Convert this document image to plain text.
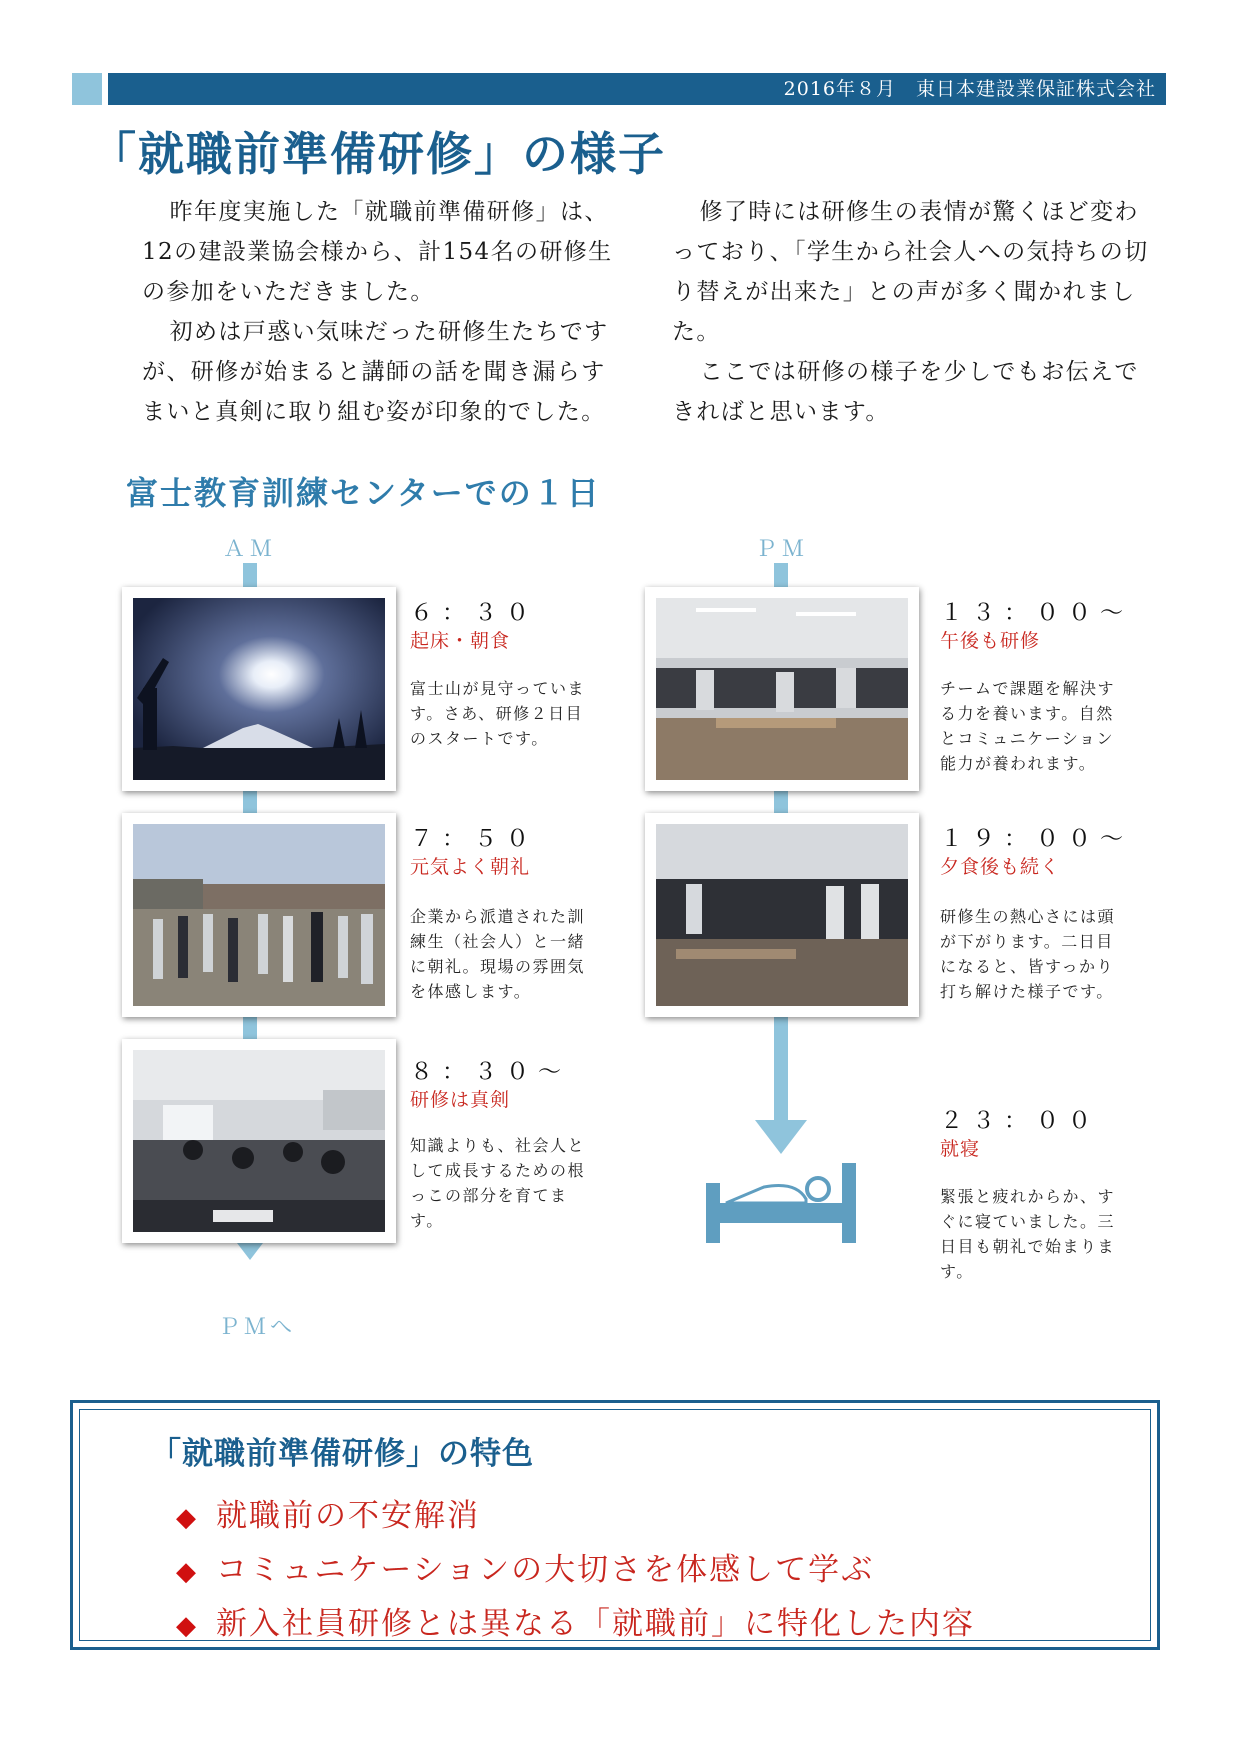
2016年８月　東日本建設業保証株式会社
「就職前準備研修」の様子

昨年度実施した「就職前準備研修」は、12の建設業協会様から、計154名の研修生の参加をいただきました。

初めは戸惑い気味だった研修生たちですが、研修が始まると講師の話を聞き漏らすまいと真剣に取り組む姿が印象的でした。

修了時には研修生の表情が驚くほど変わっており、「学生から社会人への気持ちの切り替えが出来た」との声が多く聞かれました。

ここでは研修の様子を少しでもお伝えできればと思います。

富士教育訓練センターでの１日
ＡＭ	ＰＭ
ＰＭへ
６：３０
起床・朝食
富士山が見守っています。さあ、研修２日目のスタートです。
７：５０
元気よく朝礼
企業から派遣された訓練生（社会人）と一緒に朝礼。現場の雰囲気を体感します。
８：３０～
研修は真剣
知識よりも、社会人として成長するための根っこの部分を育てます。
１３：００～
午後も研修
チームで課題を解決する力を養います。自然とコミュニケーション能力が養われます。
１９：００～
夕食後も続く
研修生の熱心さには頭が下がります。二日目になると、皆すっかり打ち解けた様子です。
２３：００
就寝
緊張と疲れからか、すぐに寝ていました。三日目も朝礼で始まります。
「就職前準備研修」の特色
◆ 就職前の不安解消
◆ コミュニケーションの大切さを体感して学ぶ
◆ 新入社員研修とは異なる「就職前」に特化した内容
